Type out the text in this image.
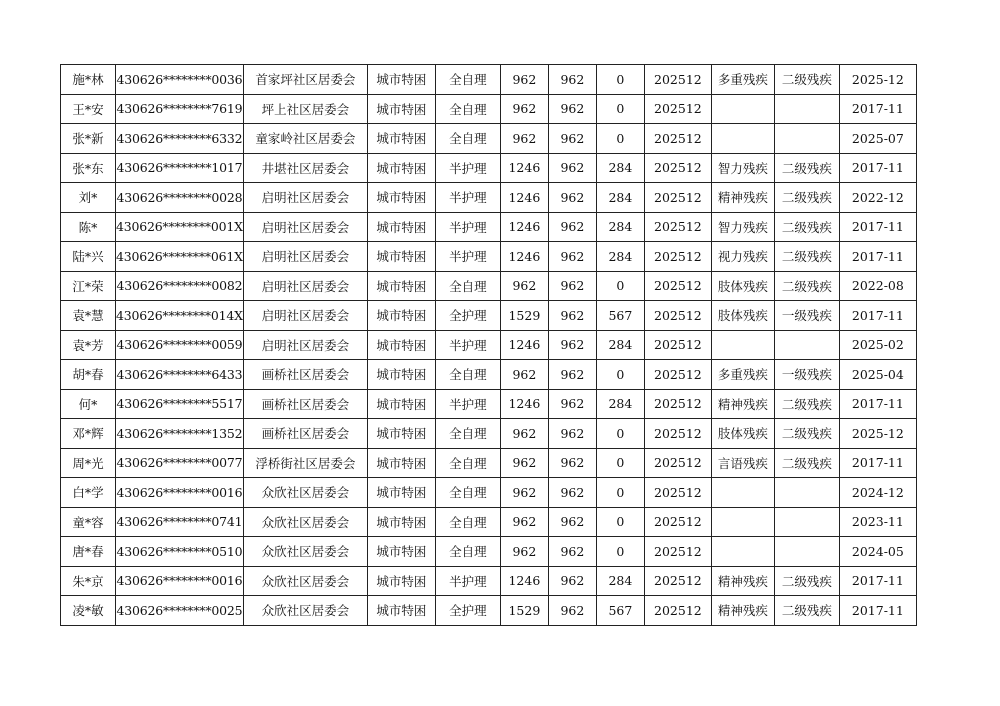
施*林	430626********0036	首家坪社区居委会	城市特困	全自理	962	962	0	202512	多重残疾	二级残疾	2025-12
王*安	430626********7619	坪上社区居委会	城市特困	全自理	962	962	0	202512			2017-11
张*新	430626********6332	童家岭社区居委会	城市特困	全自理	962	962	0	202512			2025-07
张*东	430626********1017	井堪社区居委会	城市特困	半护理	1246	962	284	202512	智力残疾	二级残疾	2017-11
刘*	430626********0028	启明社区居委会	城市特困	半护理	1246	962	284	202512	精神残疾	二级残疾	2022-12
陈*	430626********001X	启明社区居委会	城市特困	半护理	1246	962	284	202512	智力残疾	二级残疾	2017-11
陆*兴	430626********061X	启明社区居委会	城市特困	半护理	1246	962	284	202512	视力残疾	二级残疾	2017-11
江*荣	430626********0082	启明社区居委会	城市特困	全自理	962	962	0	202512	肢体残疾	二级残疾	2022-08
袁*慧	430626********014X	启明社区居委会	城市特困	全护理	1529	962	567	202512	肢体残疾	一级残疾	2017-11
袁*芳	430626********0059	启明社区居委会	城市特困	半护理	1246	962	284	202512			2025-02
胡*春	430626********6433	画桥社区居委会	城市特困	全自理	962	962	0	202512	多重残疾	一级残疾	2025-04
何*	430626********5517	画桥社区居委会	城市特困	半护理	1246	962	284	202512	精神残疾	二级残疾	2017-11
邓*辉	430626********1352	画桥社区居委会	城市特困	全自理	962	962	0	202512	肢体残疾	二级残疾	2025-12
周*光	430626********0077	浮桥街社区居委会	城市特困	全自理	962	962	0	202512	言语残疾	二级残疾	2017-11
白*学	430626********0016	众欣社区居委会	城市特困	全自理	962	962	0	202512			2024-12
童*容	430626********0741	众欣社区居委会	城市特困	全自理	962	962	0	202512			2023-11
唐*春	430626********0510	众欣社区居委会	城市特困	全自理	962	962	0	202512			2024-05
朱*京	430626********0016	众欣社区居委会	城市特困	半护理	1246	962	284	202512	精神残疾	二级残疾	2017-11
凌*敏	430626********0025	众欣社区居委会	城市特困	全护理	1529	962	567	202512	精神残疾	二级残疾	2017-11
